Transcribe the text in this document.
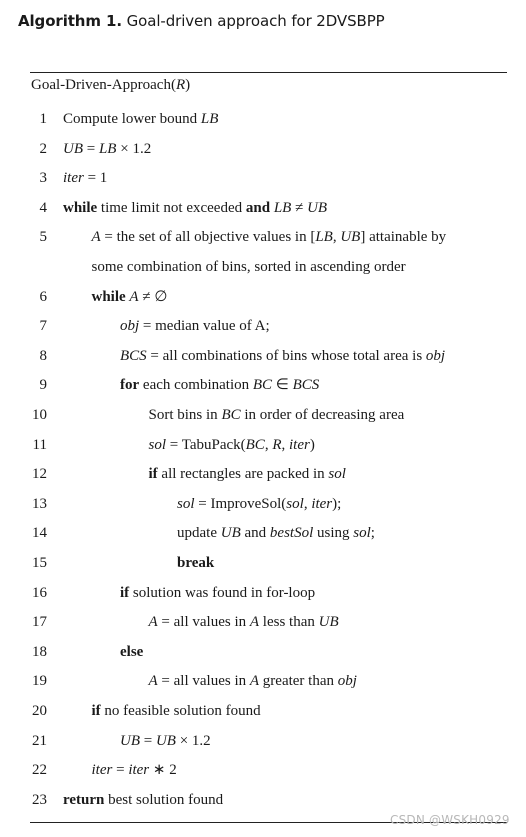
Algorithm 1. Goal-driven approach for 2DVSBPP
Goal-Driven-Approach(R)
1 Compute lower bound LB
2 UB = LB × 1.2
3 iter = 1
4 while time limit not exceeded and LB ≠ UB
5	A = the set of all objective values in [LB, UB] attainable by
some combination of bins, sorted in ascending order
6	while A ≠ ∅
7	obj = median value of A;
8	BCS = all combinations of bins whose total area is obj
9	for each combination BC ∈ BCS
10	Sort bins in BC in order of decreasing area
11	sol = TabuPack(BC, R, iter)
12	if all rectangles are packed in sol
13	sol = ImproveSol(sol, iter);
14	update UB and bestSol using sol;
15	break
16	if solution was found in for-loop
17	A = all values in A less than UB
18	else
19	A = all values in A greater than obj
20	if no feasible solution found
21	UB = UB × 1.2
22	iter = iter ∗ 2
23 return best solution found
CSDN @WSKH0929
